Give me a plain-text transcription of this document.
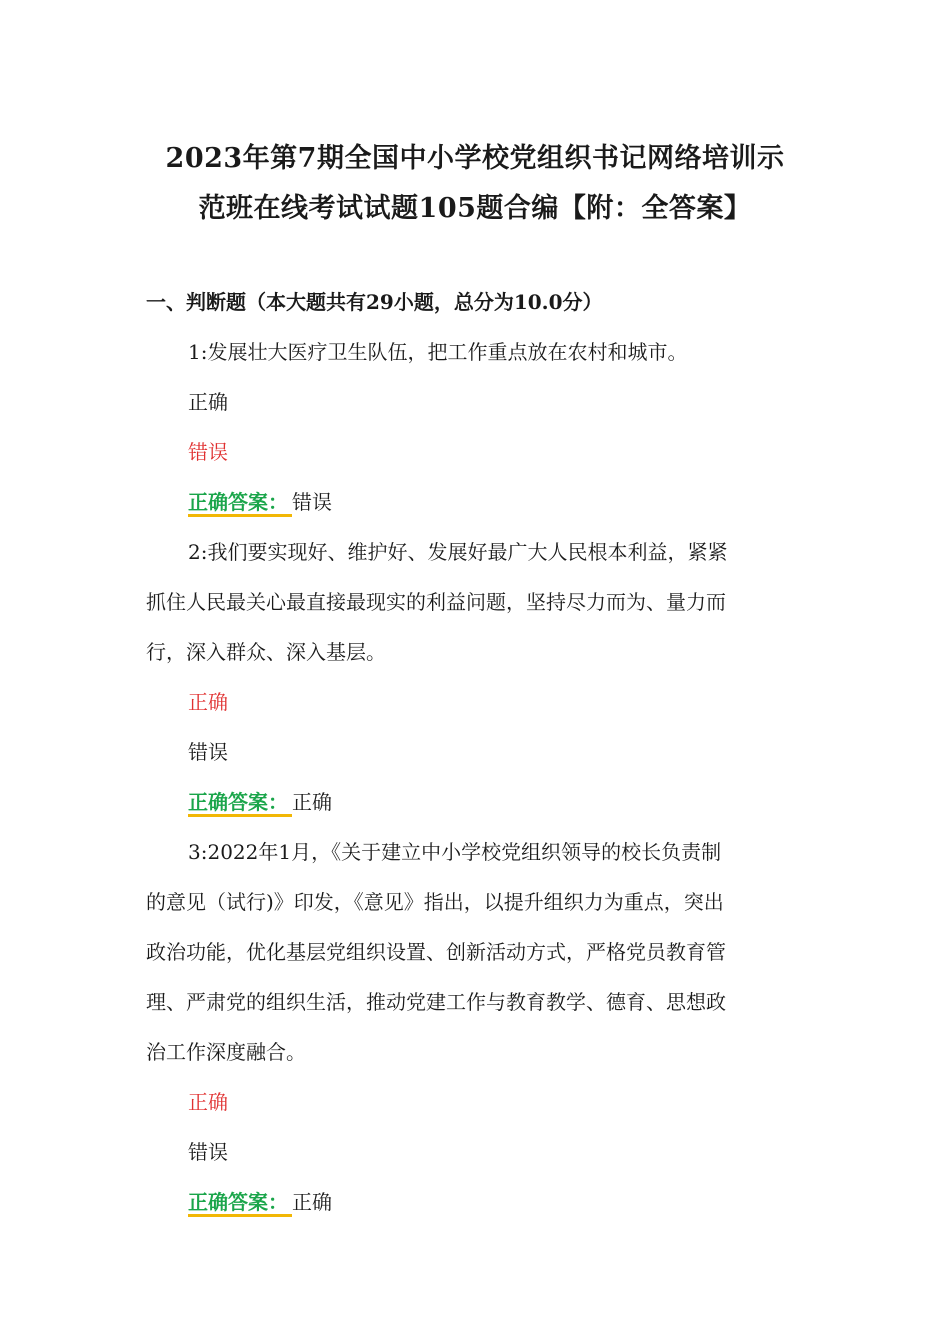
2023年第7期全国中小学校党组织书记网络培训示
范班在线考试试题105题合编【附：全答案】
一、判断题（本大题共有29小题，总分为10.0分）
1:发展壮大医疗卫生队伍，把工作重点放在农村和城市。
正确
错误
正确答案： 错误
2:我们要实现好、维护好、发展好最广大人民根本利益，紧紧
抓住人民最关心最直接最现实的利益问题，坚持尽力而为、量力而
行，深入群众、深入基层。
正确
错误
正确答案： 正确
3:2022年1月，《关于建立中小学校党组织领导的校长负责制
的意见（试行)》印发，《意见》指出，以提升组织力为重点，突出
政治功能，优化基层党组织设置、创新活动方式，严格党员教育管
理、严肃党的组织生活，推动党建工作与教育教学、德育、思想政
治工作深度融合。
正确
错误
正确答案： 正确
